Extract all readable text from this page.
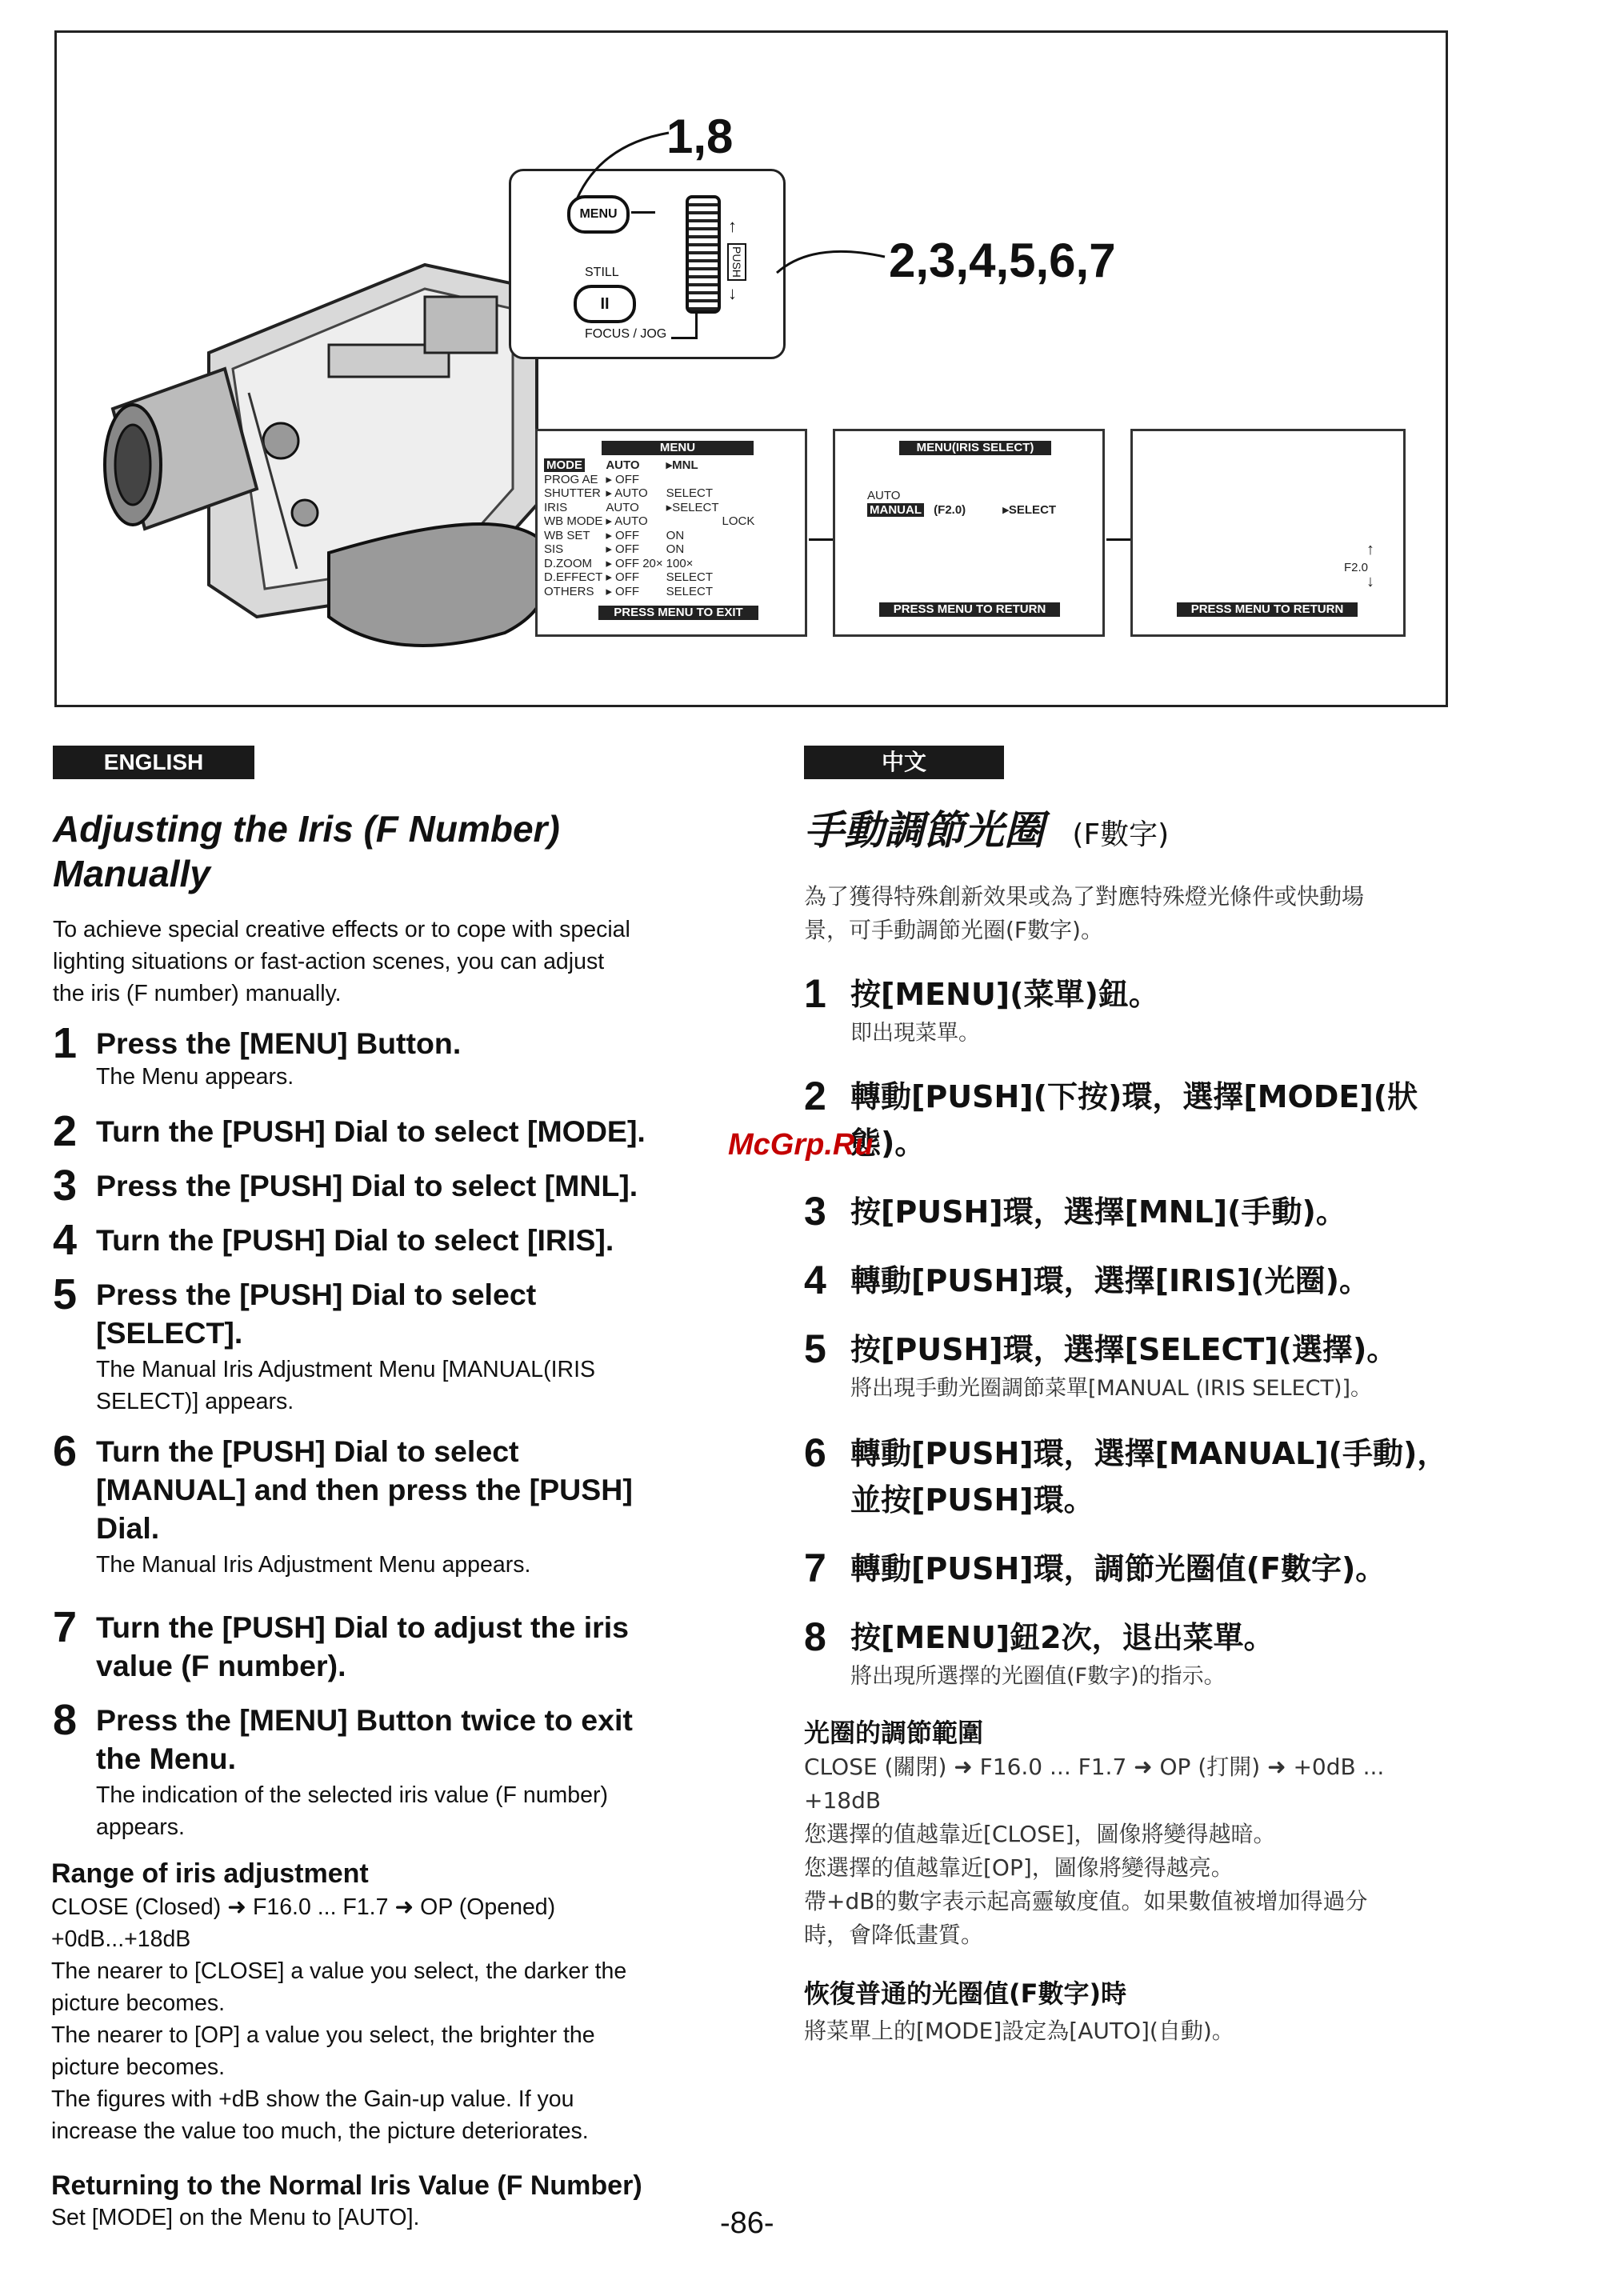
MENU
STILL
II
FOCUS / JOG
PUSH
↑
↓
1,8
2,3,4,5,6,7
MENU
MODE	AUTO	▸MNL	
PROG AE	▸ OFF		
SHUTTER	▸ AUTO	SELECT	
IRIS	AUTO	▸SELECT	
WB MODE	▸ AUTO		LOCK
WB SET	▸ OFF	ON	
SIS	▸ OFF	ON	
D.ZOOM	▸ OFF 20×	100×	
D.EFFECT	▸ OFF	SELECT	
OTHERS	▸ OFF	SELECT	
PRESS MENU TO EXIT
MENU(IRIS SELECT)
AUTO
MANUAL (F2.0)	▸SELECT
PRESS MENU TO RETURN
↑
F2.0
↓
PRESS MENU TO RETURN
ENGLISH
Adjusting the Iris (F Number)
Manually
To achieve special creative effects or to cope with special
lighting situations or fast-action scenes, you can adjust
the iris (F number) manually.
1 Press the [MENU] Button.
The Menu appears.
2 Turn the [PUSH] Dial to select [MODE].
3 Press the [PUSH] Dial to select [MNL].
4 Turn the [PUSH] Dial to select [IRIS].
5 Press the [PUSH] Dial to select
[SELECT].
The Manual Iris Adjustment Menu [MANUAL(IRIS
SELECT)] appears.
6 Turn the [PUSH] Dial to select
[MANUAL] and then press the [PUSH]
Dial.
The Manual Iris Adjustment Menu appears.
7 Turn the [PUSH] Dial to adjust the iris
value (F number).
8 Press the [MENU] Button twice to exit
the Menu.
The indication of the selected iris value (F number)
appears.
Range of iris adjustment
CLOSE (Closed) ➜ F16.0 ... F1.7 ➜ OP (Opened)
+0dB...+18dB
The nearer to [CLOSE] a value you select, the darker the
picture becomes.
The nearer to [OP] a value you select, the brighter the
picture becomes.
The figures with +dB show the Gain-up value. If you
increase the value too much, the picture deteriorates.
Returning to the Normal Iris Value (F Number)
Set [MODE] on the Menu to [AUTO].
中文
手動調節光圈 (F數字)
為了獲得特殊創新效果或為了對應特殊燈光條件或快動場
景，可手動調節光圈(F數字)。
1 按[MENU](菜單)鈕。
即出現菜單。
2 轉動[PUSH](下按)環，選擇[MODE](狀
態)。
3 按[PUSH]環，選擇[MNL](手動)。
4 轉動[PUSH]環，選擇[IRIS](光圈)。
5 按[PUSH]環，選擇[SELECT](選擇)。
將出現手動光圈調節菜單[MANUAL (IRIS SELECT)]。
6 轉動[PUSH]環，選擇[MANUAL](手動)，
並按[PUSH]環。
7 轉動[PUSH]環，調節光圈值(F數字)。
8 按[MENU]鈕2次，退出菜單。
將出現所選擇的光圈值(F數字)的指示。
光圈的調節範圍
CLOSE (關閉) ➜ F16.0 ... F1.7 ➜ OP (打開) ➜ +0dB ...
+18dB
您選擇的值越靠近[CLOSE]，圖像將變得越暗。
您選擇的值越靠近[OP]，圖像將變得越亮。
帶+dB的數字表示起高靈敏度值。如果數值被增加得過分
時，會降低畫質。
恢復普通的光圈值(F數字)時
將菜單上的[MODE]設定為[AUTO](自動)。
McGrp.Ru
-86-
